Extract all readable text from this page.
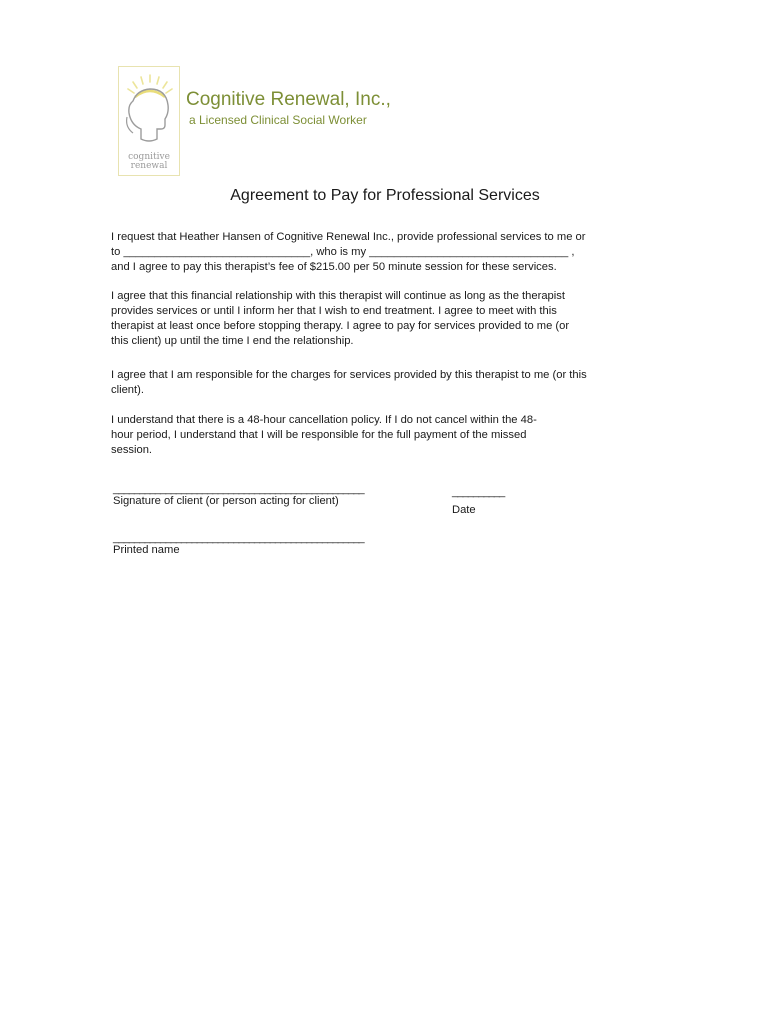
cognitive
renewal
Cognitive Renewal, Inc.,
a Licensed Clinical Social Worker
Agreement to Pay for Professional Services
I request that Heather Hansen of Cognitive Renewal Inc., provide professional services to me or
to ______________________________, who is my ________________________________ ,
and I agree to pay this therapist’s fee of $215.00 per 50 minute session for these services.
I agree that this financial relationship with this therapist will continue as long as the therapist
provides services or until I inform her that I wish to end treatment. I agree to meet with this
therapist at least once before stopping therapy. I agree to pay for services provided to me (or
this client) up until the time I end the relationship.
I agree that I am responsible for the charges for services provided by this therapist to me (or this
client).
I understand that there is a 48-hour cancellation policy. If I do not cancel within the 48-
hour period, I understand that I will be responsible for the full payment of the missed
session.
________________________________________________
Signature of client (or person acting for client)
__________
Date
________________________________________________
Printed name
